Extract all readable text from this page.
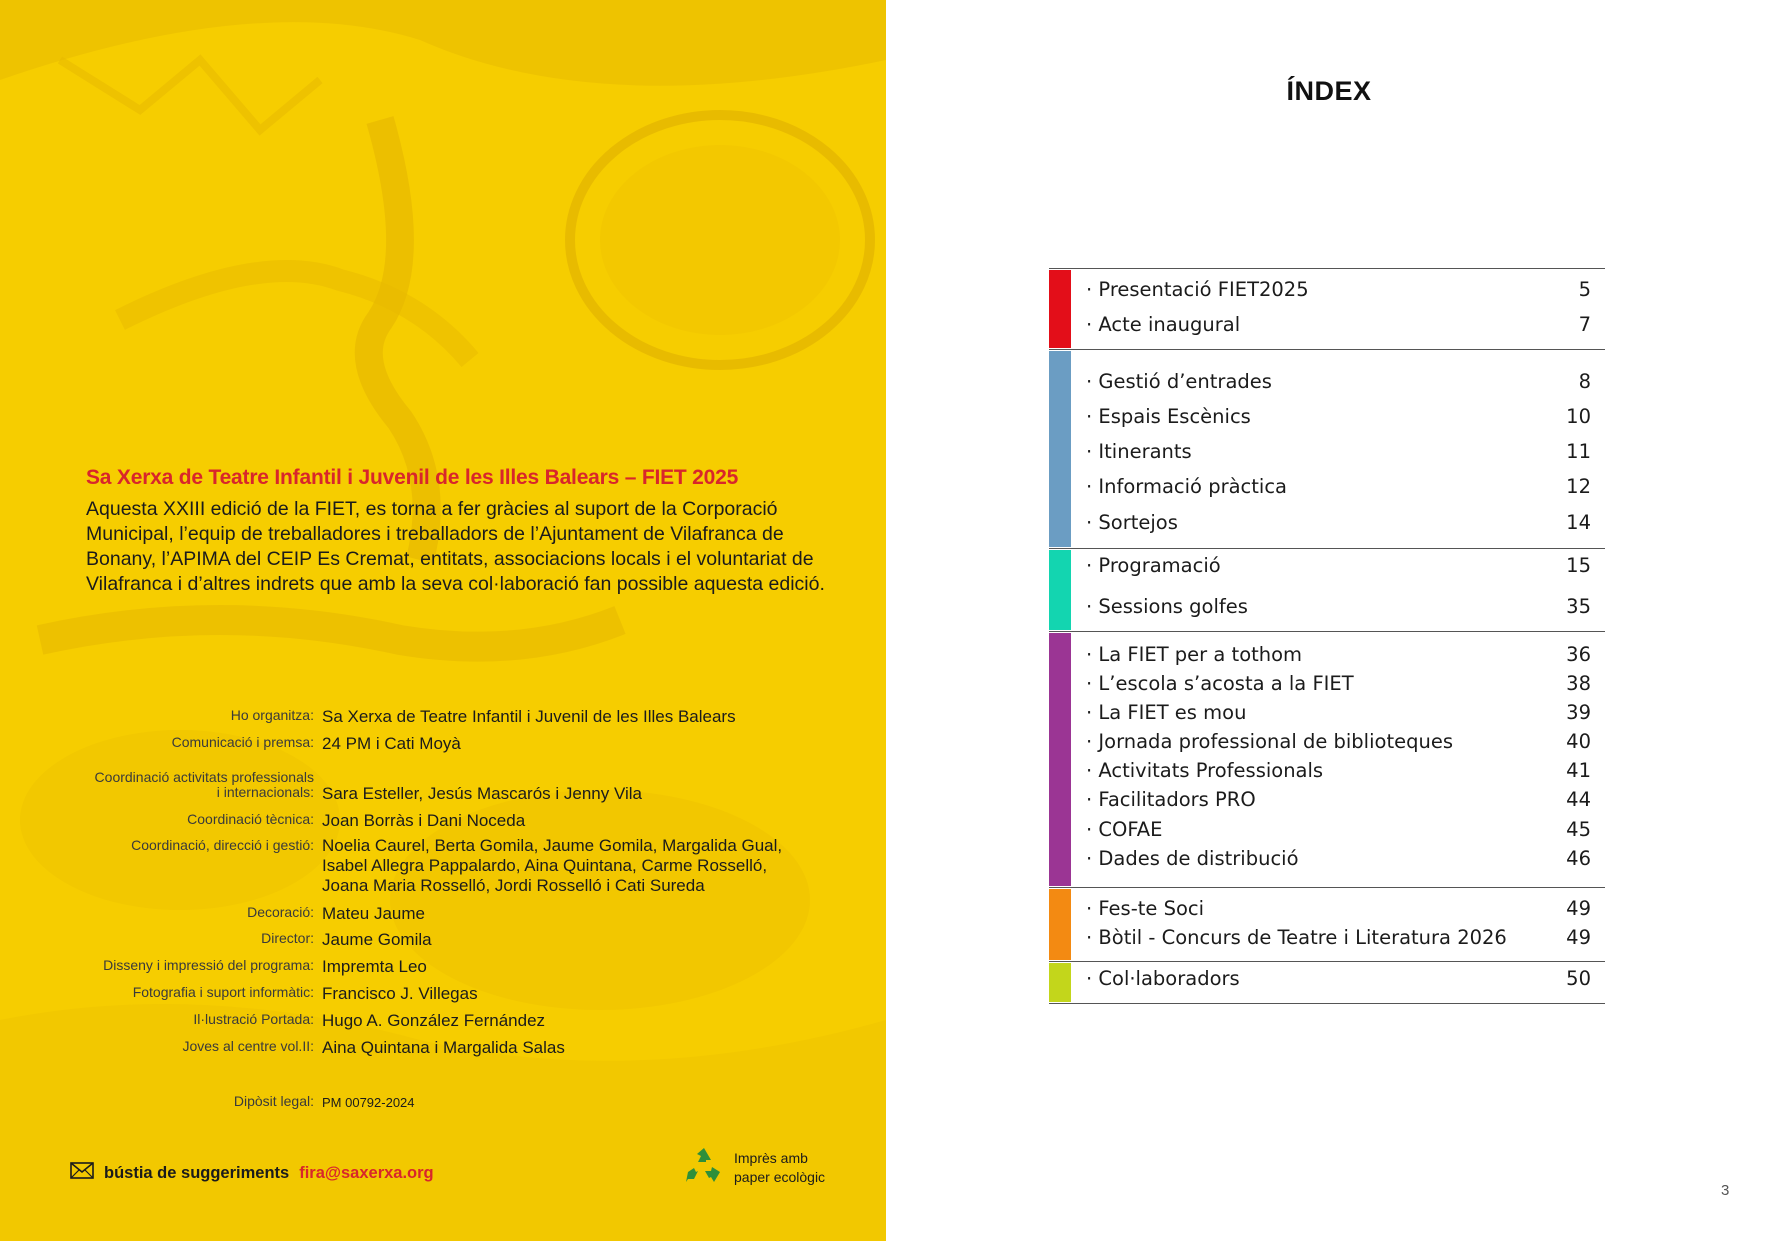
Sa Xerxa de Teatre Infantil i Juvenil de les Illes Balears – FIET 2025
Aquesta XXIII edició de la FIET, es torna a fer gràcies al suport de la Corporació Municipal, l’equip de treballadores i treballadors de l’Ajuntament de Vilafranca de Bonany, l’APIMA del CEIP Es Cremat, entitats, associacions locals i el voluntariat de Vilafranca i d’altres indrets que amb la seva col·laboració fan possible aquesta edició.
Ho organitza: Sa Xerxa de Teatre Infantil i Juvenil de les Illes Balears
Comunicació i premsa: 24 PM i Cati Moyà
Coordinació activitats professionals
i internacionals: Sara Esteller, Jesús Mascarós i Jenny Vila
Coordinació tècnica: Joan Borràs i Dani Noceda
Coordinació, direcció i gestió: Noelia Caurel, Berta Gomila, Jaume Gomila, Margalida Gual, Isabel Allegra Pappalardo, Aina Quintana, Carme Rosselló, Joana Maria Rosselló, Jordi Rosselló i Cati Sureda
Decoració: Mateu Jaume
Director: Jaume Gomila
Disseny i impressió del programa: Impremta Leo
Fotografia i suport informàtic: Francisco J. Villegas
Il·lustració Portada: Hugo A. González Fernández
Joves al centre vol.II: Aina Quintana i Margalida Salas
Dipòsit legal: PM 00792-2024
bústia de suggeriments fira@saxerxa.org
Imprès amb
paper ecològic
ÍNDEX
· Presentació FIET2025	5
· Acte inaugural	7
· Gestió d’entrades	8
· Espais Escènics	10
· Itinerants	11
· Informació pràctica	12
· Sortejos	14
· Programació	15
· Sessions golfes	35
· La FIET per a tothom	36
· L’escola s’acosta a la FIET	38
· La FIET es mou	39
· Jornada professional de biblioteques	40
· Activitats Professionals	41
· Facilitadors PRO	44
· COFAE	45
· Dades de distribució	46
· Fes-te Soci	49
· Bòtil - Concurs de Teatre i Literatura 2026	49
· Col·laboradors	50
3
